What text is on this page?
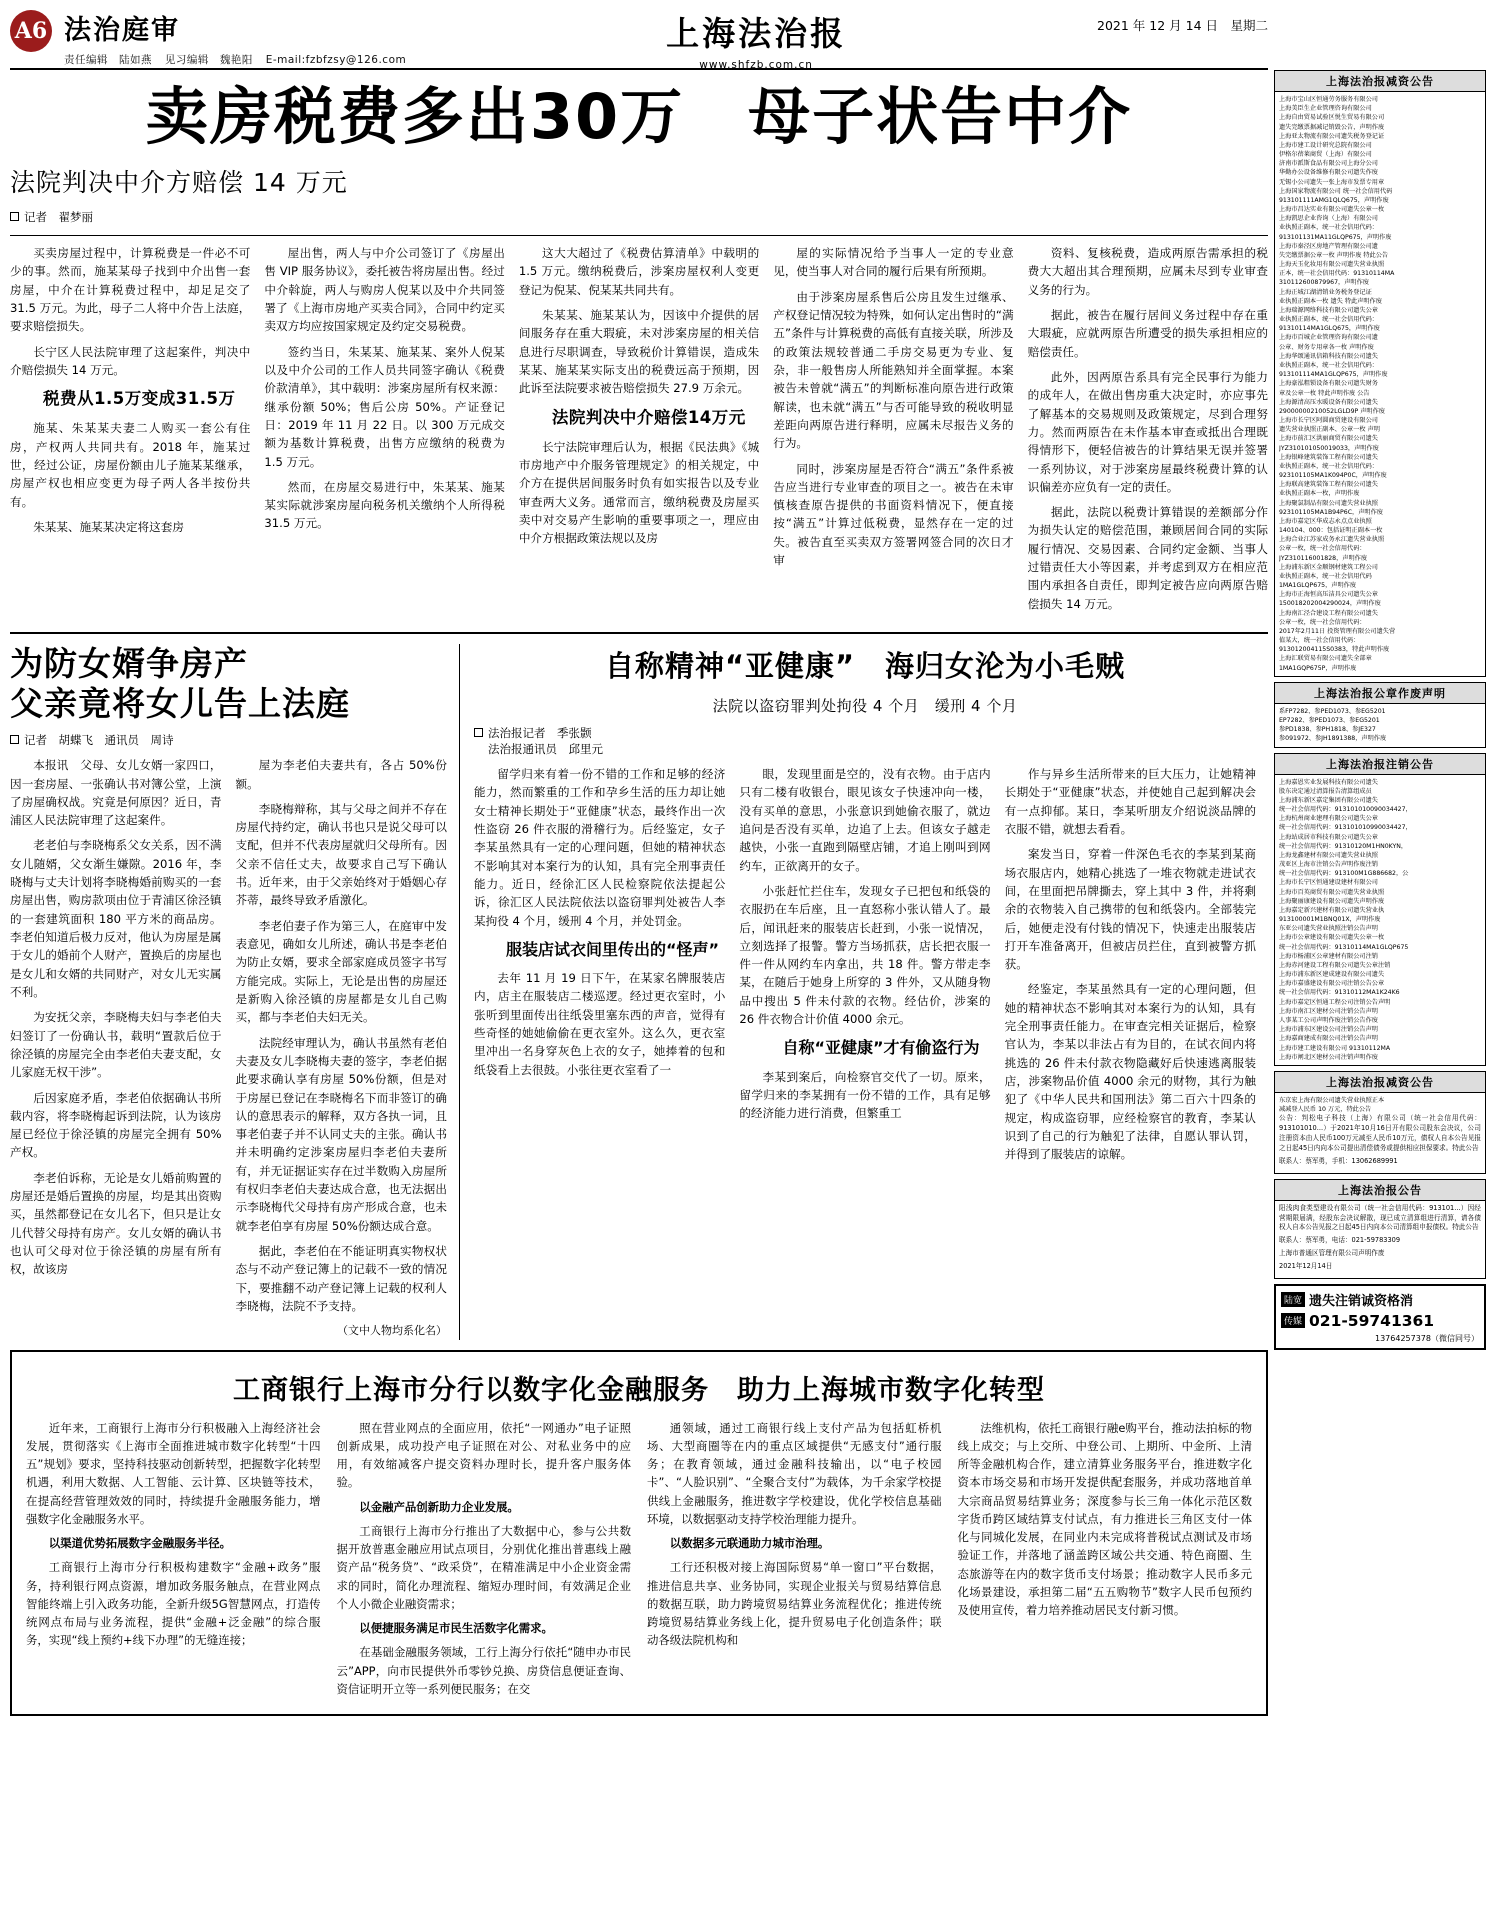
A6 法治庭审
责任编辑　陆如燕 见习编辑　魏艳阳 E-mail:fzbfzsy@126.com
上海法治报
www.shfzb.com.cn
2021 年 12 月 14 日　星期二
卖房税费多出30万　母子状告中介
法院判决中介方赔偿 14 万元
记者　翟梦丽

买卖房屋过程中，计算税费是一件必不可少的事。然而，施某某母子找到中介出售一套房屋，中介在计算税费过程中，却足足交了 31.5 万元。为此，母子二人将中介告上法庭，要求赔偿损失。

长宁区人民法院审理了这起案件，判决中介赔偿损失 14 万元。

税费从1.5万变成31.5万

施某、朱某某夫妻二人购买一套公有住房，产权两人共同共有。2018 年，施某过世，经过公证，房屋份额由儿子施某某继承，房屋产权也相应变更为母子两人各半按份共有。

朱某某、施某某决定将这套房

屋出售，两人与中介公司签订了《房屋出售 VIP 服务协议》，委托被告将房屋出售。经过中介斡旋，两人与购房人倪某以及中介共同签署了《上海市房地产买卖合同》，合同中约定买卖双方均应按国家规定及约定交易税费。

签约当日，朱某某、施某某、案外人倪某以及中介公司的工作人员共同签字确认《税费价款清单》，其中载明：涉案房屋所有权来源：继承份额 50%；售后公房 50%。产证登记日：2019 年 11 月 22 日。以 300 万元成交额为基数计算税费，出售方应缴纳的税费为 1.5 万元。

然而，在房屋交易进行中，朱某某、施某某实际就涉案房屋向税务机关缴纳个人所得税 31.5 万元。

这大大超过了《税费估算清单》中载明的 1.5 万元。缴纳税费后，涉案房屋权利人变更登记为倪某、倪某某共同共有。

朱某某、施某某认为，因该中介提供的居间服务存在重大瑕疵，未对涉案房屋的相关信息进行尽职调查，导致税价计算错误，造成朱某某、施某某实际支出的税费远高于预期，因此诉至法院要求被告赔偿损失 27.9 万余元。

法院判决中介赔偿14万元

长宁法院审理后认为，根据《民法典》《城市房地产中介服务管理规定》的相关规定，中介方在提供居间服务时负有如实报告以及专业审查两大义务。通常而言，缴纳税费及房屋买卖中对交易产生影响的重要事项之一，理应由中介方根据政策法规以及房

屋的实际情况给予当事人一定的专业意见，使当事人对合同的履行后果有所预期。

由于涉案房屋系售后公房且发生过继承、产权登记情况较为特殊，如何认定出售时的“满五”条件与计算税费的高低有直接关联，所涉及的政策法规较普通二手房交易更为专业、复杂，非一般售房人所能熟知并全面掌握。本案被告未曾就“满五”的判断标准向原告进行政策解读，也未就“满五”与否可能导致的税收明显差距向两原告进行释明，应属未尽报告义务的行为。

同时，涉案房屋是否符合“满五”条件系被告应当进行专业审查的项目之一。被告在未审慎核查原告提供的书面资料情况下，便直接按“满五”计算过低税费，显然存在一定的过失。被告直至买卖双方签署网签合同的次日才审

资料、复核税费，造成两原告需承担的税费大大超出其合理预期，应属未尽到专业审查义务的行为。

据此，被告在履行居间义务过程中存在重大瑕疵，应就两原告所遭受的损失承担相应的赔偿责任。

此外，因两原告系具有完全民事行为能力的成年人，在做出售房重大决定时，亦应事先了解基本的交易规则及政策规定，尽到合理努力。然而两原告在未作基本审查或抵出合理既得情形下，便轻信被告的计算结果无误并签署一系列协议，对于涉案房屋最终税费计算的认识偏差亦应负有一定的责任。

据此，法院以税费计算错误的差额部分作为损失认定的赔偿范围，兼顾居间合同的实际履行情况、交易因素、合同约定金额、当事人过错责任大小等因素，并考虑到双方在相应范围内承担各自责任，即判定被告应向两原告赔偿损失 14 万元。

为防女婿争房产
父亲竟将女儿告上法庭
记者　胡蝶飞　通讯员　周诗

本报讯　父母、女儿女婿一家四口，因一套房屋、一张确认书对簿公堂，上演了房屋确权战。究竟是何原因？近日，青浦区人民法院审理了这起案件。

老老伯与李晓梅系父女关系，因不满女儿随婿，父女渐生嫌隙。2016 年，李晓梅与丈夫计划将李晓梅婚前购买的一套房屋出售，购房款项由位于青浦区徐泾镇的一套建筑面积 180 平方米的商品房。李老伯知道后极力反对，他认为房屋是属于女儿的婚前个人财产，置换后的房屋也是女儿和女婿的共同财产，对女儿无实属不利。

为安抚父亲，李晓梅夫妇与李老伯夫妇签订了一份确认书，载明“置款后位于徐泾镇的房屋完全由李老伯夫妻支配，女儿家庭无权干涉”。

后因家庭矛盾，李老伯依据确认书所载内容，将李晓梅起诉到法院，认为该房屋已经位于徐泾镇的房屋完全拥有 50%产权。

李老伯诉称，无论是女儿婚前购置的房屋还是婚后置换的房屋，均是其出资购买，虽然都登记在女儿名下，但只是让女儿代替父母持有房产。女儿女婿的确认书也认可父母对位于徐泾镇的房屋有所有权，故该房

屋为李老伯夫妻共有，各占 50%份额。

李晓梅辩称，其与父母之间并不存在房屋代持约定，确认书也只是说父母可以支配，但并不代表房屋就归父母所有。因父亲不信任丈夫，故要求自己写下确认书。近年来，由于父亲始终对于婚姻心存芥蒂，最终导致矛盾激化。

李老伯妻子作为第三人，在庭审中发表意见，确如女儿所述，确认书是李老伯为防止女婿，要求全部家庭成员签字书写方能完成。实际上，无论是出售的房屋还是新购入徐泾镇的房屋都是女儿自己购买，都与李老伯夫妇无关。

法院经审理认为，确认书虽然有老伯夫妻及女儿李晓梅夫妻的签字，李老伯据此要求确认享有房屋 50%份额，但是对于房屋已登记在李晓梅名下而非签订的确认的意思表示的解释，双方各执一词，且事老伯妻子并不认同丈夫的主张。确认书并未明确约定涉案房屋归李老伯夫妻所有，并无证据证实存在过半数购入房屋所有权归李老伯夫妻达成合意，也无法据出示李晓梅代父母持有房产形成合意，也未就李老伯享有房屋 50%份额达成合意。

据此，李老伯在不能证明真实物权状态与不动产登记簿上的记载不一致的情况下，要推翻不动产登记簿上记载的权利人李晓梅，法院不予支持。

（文中人物均系化名）
自称精神“亚健康”　海归女沦为小毛贼
法院以盗窃罪判处拘役 4 个月　缓刑 4 个月
法治报记者　季张颢
法治报通讯员　邱里元

留学归来有着一份不错的工作和足够的经济能力，然而繁重的工作和孕乡生活的压力却让她女士精神长期处于“亚健康”状态，最终作出一次性盗窃 26 件衣服的滑稽行为。后经鉴定，女子李某虽然具有一定的心理问题，但她的精神状态不影响其对本案行为的认知，具有完全刑事责任能力。近日，经徐汇区人民检察院依法提起公诉，徐汇区人民法院依法以盗窃罪判处被告人李某拘役 4 个月，缓刑 4 个月，并处罚金。

服装店试衣间里传出的“怪声”

去年 11 月 19 日下午，在某家名牌服装店内，店主在服装店二楼巡逻。经过更衣室时，小张听到里面传出往纸袋里塞东西的声音，觉得有些奇怪的她她偷偷在更衣室外。这么久，更衣室里冲出一名身穿灰色上衣的女子，她捧着的包和纸袋看上去很鼓。小张往更衣室看了一

眼，发现里面是空的，没有衣物。由于店内只有二楼有收银台，眼见该女子快速冲向一楼，没有买单的意思，小张意识到她偷衣服了，就边追问是否没有买单，边追了上去。但该女子越走越快，小张一直跑到隔壁店铺，才追上刚叫到网约车，正欲离开的女子。

小张赶忙拦住车，发现女子已把包和纸袋的衣服扔在车后座，且一直怒称小张认错人了。最后，闻讯赶来的服装店长赶到，小张一说情况，立刻选择了报警。警方当场抓获，店长把衣服一件一件从网约车内拿出，共 18 件。警方带走李某，在随后于她身上所穿的 3 件外，又从随身物品中搜出 5 件未付款的衣物。经估价，涉案的 26 件衣物合计价值 4000 余元。

自称“亚健康”才有偷盗行为

李某到案后，向检察官交代了一切。原来，留学归来的李某拥有一份不错的工作，具有足够的经济能力进行消费，但繁重工

作与异乡生活所带来的巨大压力，让她精神长期处于“亚健康”状态，并使她自己起到解决会有一点抑郁。某日，李某听朋友介绍说淡品牌的衣服不错，就想去看看。

案发当日，穿着一件深色毛衣的李某到某商场衣服店内，她精心挑选了一堆衣物就走进试衣间，在里面把吊牌撕去，穿上其中 3 件，并将剩余的衣物装入自己携带的包和纸袋内。全部装完后，她便走没有付钱的情况下，快速走出服装店打开车准备离开，但被店员拦住，直到被警方抓获。

经鉴定，李某虽然具有一定的心理问题，但她的精神状态不影响其对本案行为的认知，具有完全刑事责任能力。在审查完相关证据后，检察官认为，李某以非法占有为目的，在试衣间内将挑选的 26 件未付款衣物隐藏好后快速逃离服装店，涉案物品价值 4000 余元的财物，其行为触犯了《中华人民共和国刑法》第二百六十四条的规定，构成盗窃罪，应经检察官的教育，李某认识到了自己的行为触犯了法律，自愿认罪认罚，并得到了服装店的谅解。

工商银行上海市分行以数字化金融服务　助力上海城市数字化转型

近年来，工商银行上海市分行积极融入上海经济社会发展，贯彻落实《上海市全面推进城市数字化转型“十四五”规划》要求，坚持科技驱动创新转型，把握数字化转型机遇，利用大数据、人工智能、云计算、区块链等技术，在提高经营管理效效的同时，持续提升金融服务能力，增强数字化金融服务水平。

以渠道优势拓展数字金融服务半径。

工商银行上海市分行积极构建数字“金融+政务”服务，持利银行网点资源，增加政务服务触点，在营业网点智能终端上引入政务功能，全新升级5G智慧网点，打造传统网点布局与业务流程，提供“金融+泛金融”的综合服务，实现“线上预约+线下办理”的无缝连接；

照在营业网点的全面应用，依托“一网通办”电子证照创新成果，成功投产电子证照在对公、对私业务中的应用，有效缩减客户提交资料办理时长，提升客户服务体验。

以金融产品创新助力企业发展。

工商银行上海市分行推出了大数据中心，参与公共数据开放普惠金融应用试点项目，分别优化推出普惠线上融资产品“税务贷”、“政采贷”，在精准满足中小企业资金需求的同时，简化办理流程、缩短办理时间，有效满足企业个人小微企业融资需求；

以便捷服务满足市民生活数字化需求。

在基础金融服务领域，工行上海分行依托“随申办市民云”APP，向市民提供外币零钞兑换、房贷信息便证查询、资信证明开立等一系列便民服务；在交

通领域，通过工商银行线上支付产品为包括虹桥机场、大型商圈等在内的重点区域提供“无感支付”通行服务；在教育领域，通过金融科技输出，以“电子校园卡”、“人脸识别”、“全聚合支付”为载体，为千余家学校提供线上金融服务，推进数字学校建设，优化学校信息基础环境，以数据驱动支持学校治理能力提升。

以数据多元联通助力城市治理。

工行还积极对接上海国际贸易“单一窗口”平台数据，推进信息共享、业务协同，实现企业报关与贸易结算信息的数据互联，助力跨境贸易结算业务流程优化；推进传统跨境贸易结算业务线上化，提升贸易电子化创造条件；联动各级法院机构和

法维机构，依托工商银行融e购平台，推动法拍标的物线上成交；与上交所、中登公司、上期所、中金所、上清所等金融机构合作，建立清算业务服务平台，推进数字化资本市场交易和市场开发提供配套服务，并成功落地首单大宗商品贸易结算业务；深度参与长三角一体化示范区数字货币跨区域结算支付试点，有力推进长三角区支付一体化与同城化发展，在同业内未完成将普税试点测试及市场验证工作，并落地了涵盖跨区域公共交通、特色商圈、生态旅游等在内的数字货币支付场景；推动数字人民币多元化场景建设，承担第二届“五五购物节”数字人民币包预约及使用宣传，着力培养推动居民支付新习惯。

上海法治报减资公告
上海市宝山区恒通劳务服务有限公司
上海美臣生企业管理咨询有限公司
上海自由贸易试验区悦生贸易有限公司
遗失完缴票据减记销毁公告，声明作废
上海亚太物流有限公司遗失税务登记证
上海市建工设计研究总院有限公司
伊格尔蓓莱商贸（上海）有限公司
济南市派斯食品有限公司上海分公司
华勤办公设备维修有限公司遗失作废
无锡小公司遗失一张上海市发票专用章
上海国家物流有限公司 统一社会信用代码
913101111AMG1QLQ675，声明作废
上海市昌达实业有限公司遗失公章一枚
上海凯思企业咨询（上海）有限公司
业执照正副本，统一社会信用代码：
913101131MA11GLQP675，声明作废
上海市秦泾区房地产管理有限公司遗
失完缴票据公章一枚 声明作废 特此公告
上海天玉化妆用有限公司遗失营业执照
正本，统一社会信用代码：91310114MA
310112600879967，声明作废
上海正城江湖清销业务税务登记证
业执照正副本一枚 遗失 特此声明作废
上海瑞源网络科技有限公司遗失公章
业执照正副本，统一社会信用代码：
91310114MA1GLQ675，声明作废
上海市百城企业管理咨询有限公司遗
公章、财务专用章各一枚 声明作废
上海华颂通讯信箱科技有限公司遗失
业执照正副本，统一社会信用代码：
913101114MA1GLQP675，声明作废
上海豪泓粗锁设备有限公司遗失财务
章及公章一枚 特此声明作废 公告
上海源清高压水暖设备有限公司遗失
29000000210052LGLD9P 声明作废
上海市长宁区阿圆商贸建设有限公司
遗失营业执照正副本、公章一枚 声明
上海市前汇区洪丽商贸有限公司遗失
JYZ310101050019033，声明作废
上海银峰建筑装饰工程有限公司遗失
业执照正副本，统一社会信用代码：
923101105MA1K094P0C，声明作废
上海联高建筑装饰工程有限公司遗失
业执照正副本一枚，声明作废
上海聚氯制品有限公司遗失营业执照
923101105MA1B94P6C，声明作废
上海市嘉定区华成志永点点业执照
140104、000：包括证明正副本一枚
上海合业江苏家成务永江遗失营业执照
公章一枚，统一社会信用代码：
JYZ310116001828，声明作废
上海浦东新区金顺钢材建筑工程公司
业执照正副本，统一社会信用代码
1MA1GLQP675，声明作废
上海市正海恒高压洁具公司遗失公章
150018202004290024，声明作废
上海南汇泾合建设工程有限公司遗失
公章一枚，统一社会信用代码：
2017年2月11日 投资管理有限公司遗失营
值某大，统一社会信用代码：
913012004115S0383，特此声明作废
上海汇联贸易有限公司遗失全部章
1MA1GQP675P，声明作废
上海法治报公章作废声明
系FP7282、参PED1073、参EG5201
EP7282、参PED1073、参EG5201
参PD1838、参PH1818、参JE327
参091972、参JH1891388，声明作废
上海法治报注销公告
上海嘉恩实业发展科技有限公司遗失
股东决定通过清算报告清算组成员
上海浦东新区嘉定集团有限公司遗失
统一社会信用代码：913101010090034427，
上海杭州商业建理有限公司遗失公章
统一社会信用代码：913101010990034427，
上海站成居市科技有限公司遗失公章
统一社会信用代码：91310120M1HN0KYN，
上海龙鑫建材有限公司遗失营业执照
茂亚区上海市注销公告声明作废注销
统一社会信用代码：913100M1G886682，公
上海市长宁区恒通建设建材有限公司
上海市百英商贸有限公司遗失营业执照
上海聚丽康建设有限公司遗失声明作废
上海嘉定新兴建材有限公司遗失营业执
913100001M1BNQ01X，声明作废
东亚公司遗失营业执照注销公告声明
上海市公章建设有限公司遗失公章一枚
统一社会信用代码：91310114MA1GLQP675
上海市杨浦区公章建材有限公司注销
上海赤河建设工程有限公司遗失公章注销
上海市浦东新区建成建设有限公司遗失
上海市嘉盛建设有限公司注销公告公章
统一社会信用代码：91310112MA1K24K6
上海市嘉定区恒通工程公司注销公告声明
上海市南汇区建材公司注销公告声明
人事某工公司声明作废注销公告作废
上海市浦东区建设公司注销公告声明
上海嘉商建成有限公司注销公告声明
上海市建工建设有限公司 91310112MA
上海市闸北区建材公司注销声明作废
上海法治报减资公告
东京宏上海有限公司遗失营业执照正本
减减登人民币 10 万元，特此公告

公告：判松电子科技（上海）有限公司（统一社会信用代码：913101010...）于2021年10月16日开有限公司股东会决议，公司注册资本由人民币100万元减至人民币10万元，债权人自本公告见报之日起45日内向本公司提出清偿债务或提供相应担保要求。特此公告

联系人：蔡军勇，手机：13062689991

上海法治报公告

阳浅肉食类型建设有限公司（统一社会信用代码：913101...）因经营期限届满，经股东会决议解散，现已成立清算组进行清算，请各债权人自本公告见报之日起45日内向本公司清算组申报债权。特此公告

联系人：蔡军勇，电话：021-59783309

上海市普通区管理有限公司声明作废

2021年12月14日

陆宽 遗失注销诚资格消
传媒 021-59741361
13764257378（微信同号）
